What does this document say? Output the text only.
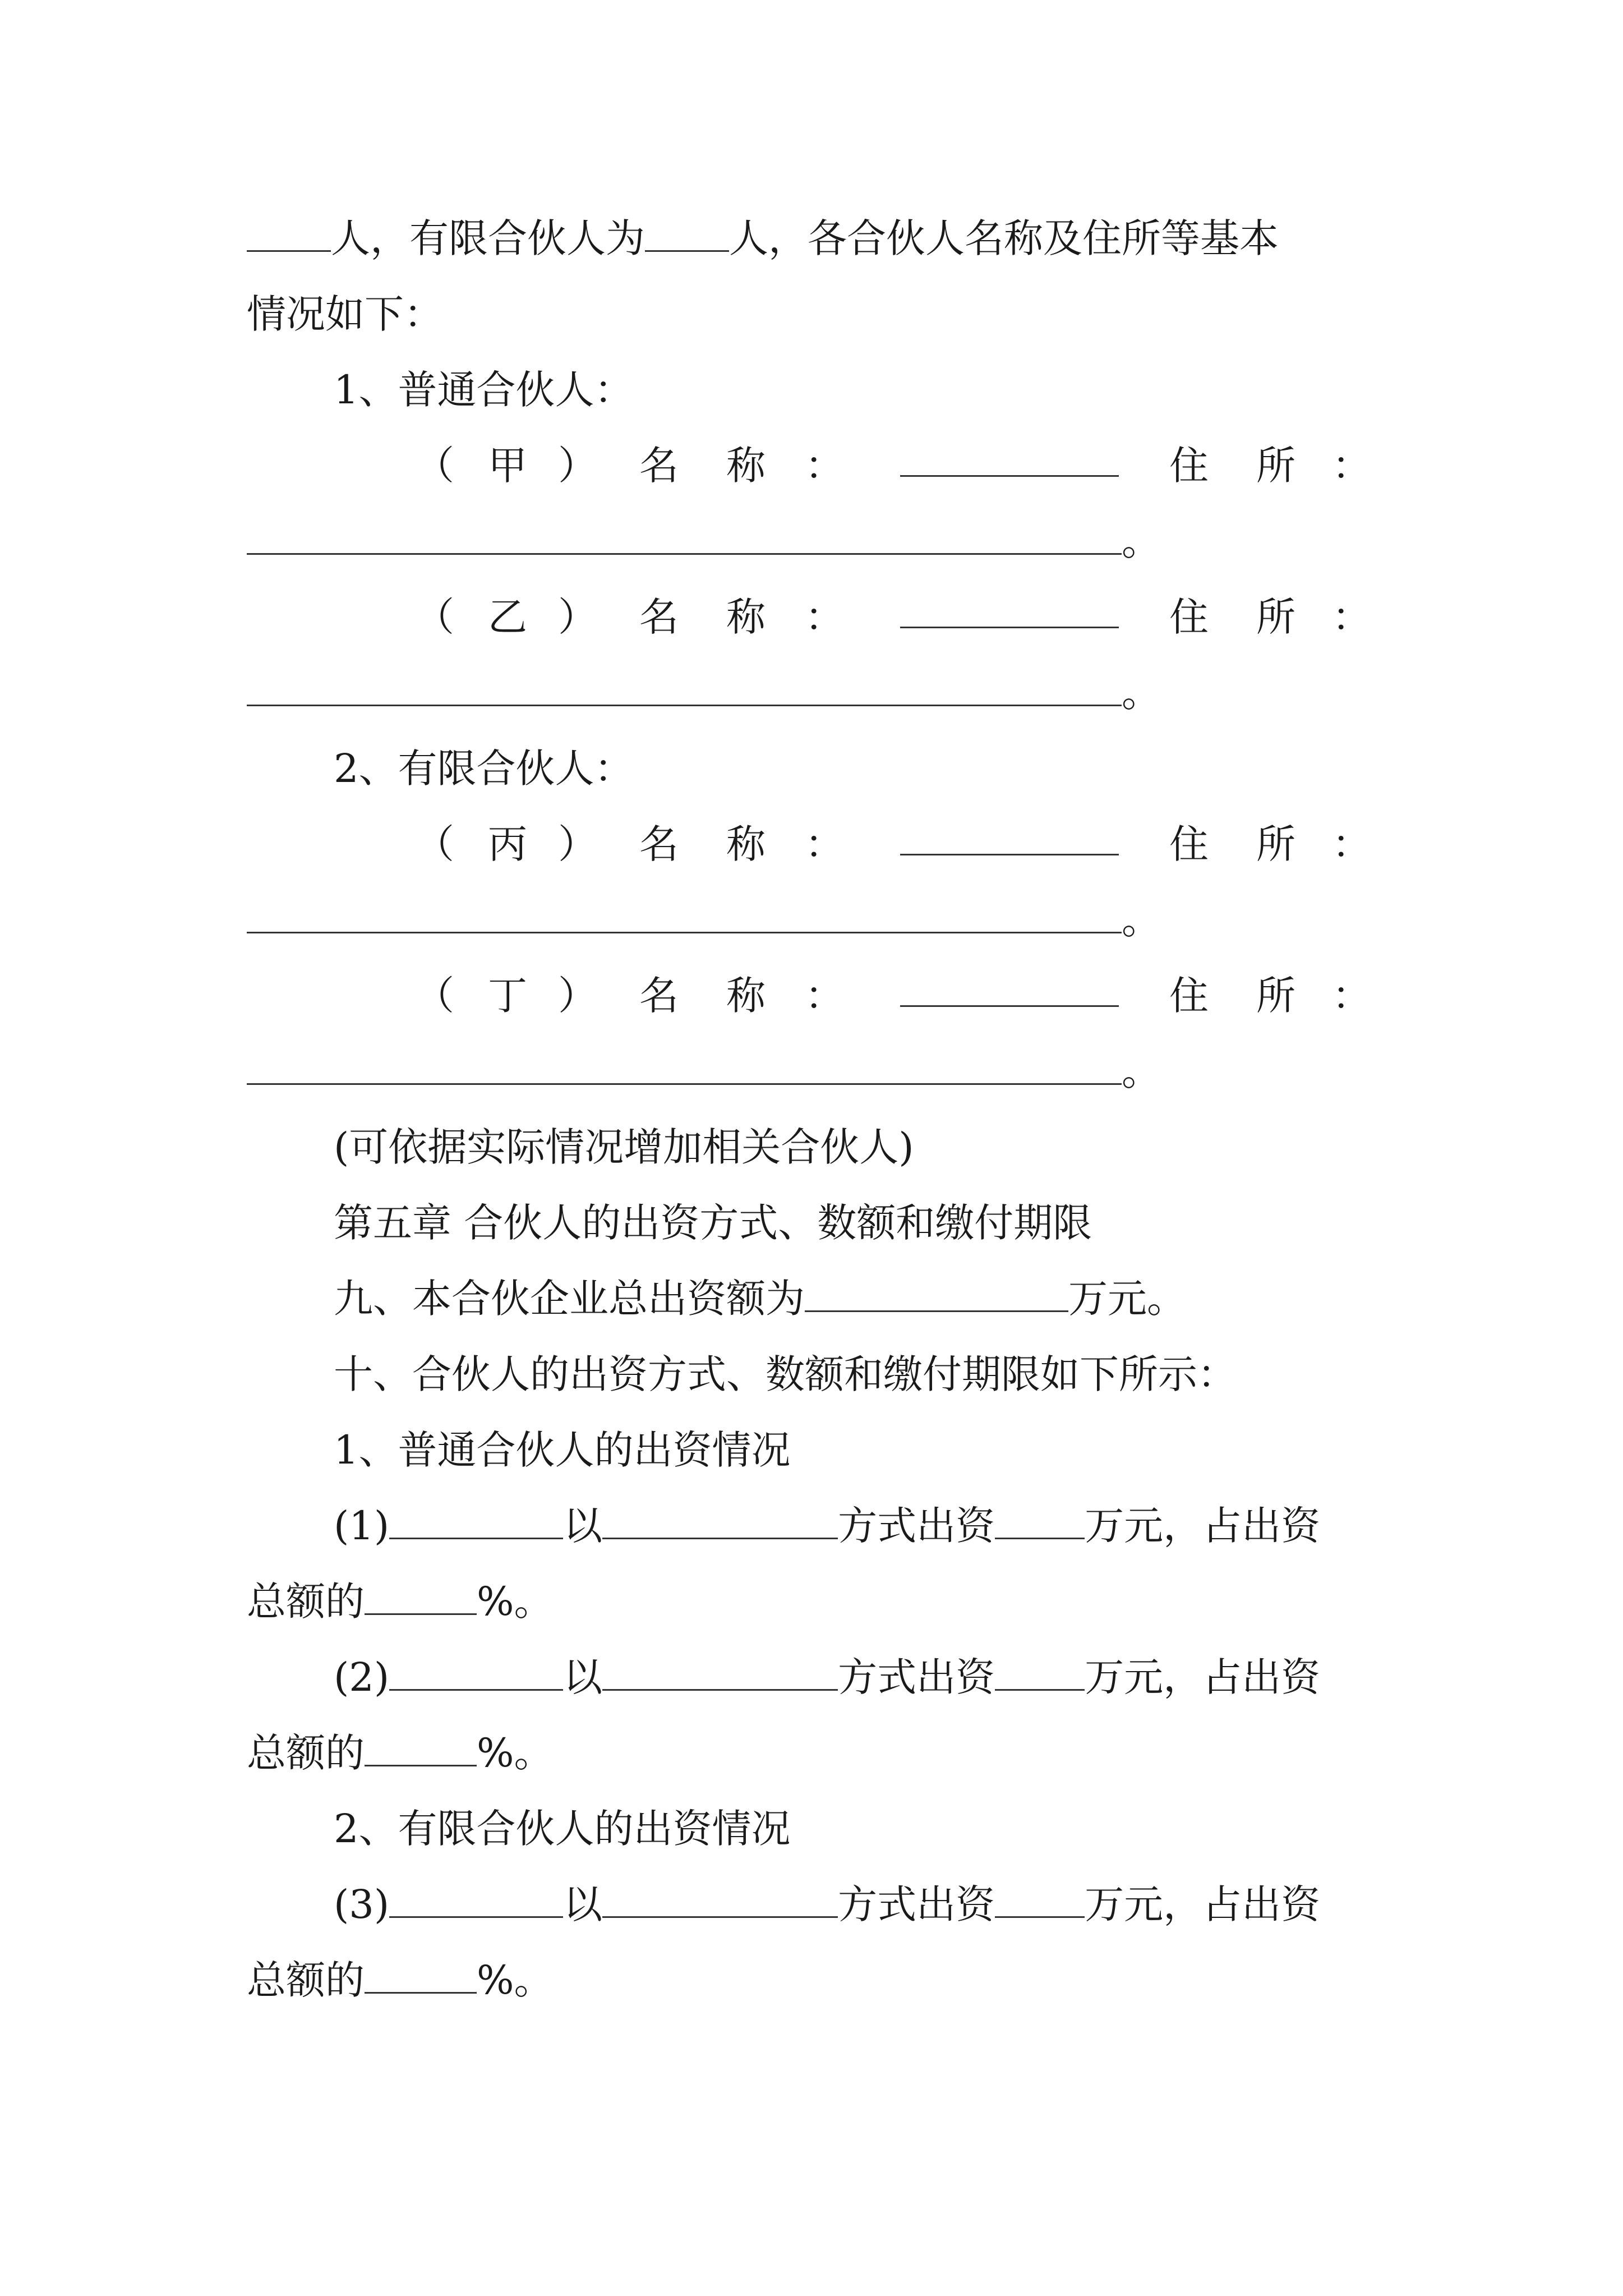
人，有限合伙人为 人，各合伙人名称及住所等基本
情况如下：
1、普通合伙人：
（ 甲 ） 名 称 ：	住 所 ：
。
（ 乙 ） 名 称 ：	住 所 ：
。
2、有限合伙人：
（ 丙 ） 名 称 ：	住 所 ：
。
（ 丁 ） 名 称 ：	住 所 ：
。
(可依据实际情况增加相关合伙人)
第五章 合伙人的出资方式、数额和缴付期限
九、本合伙企业总出资额为	万元。
十、合伙人的出资方式、数额和缴付期限如下所示：
1、普通合伙人的出资情况
(1)	以	方式出资 万元，占出资
总额的	%。
(2)	以	方式出资 万元，占出资
总额的	%。
2、有限合伙人的出资情况
(3)	以	方式出资 万元，占出资
总额的	%。
